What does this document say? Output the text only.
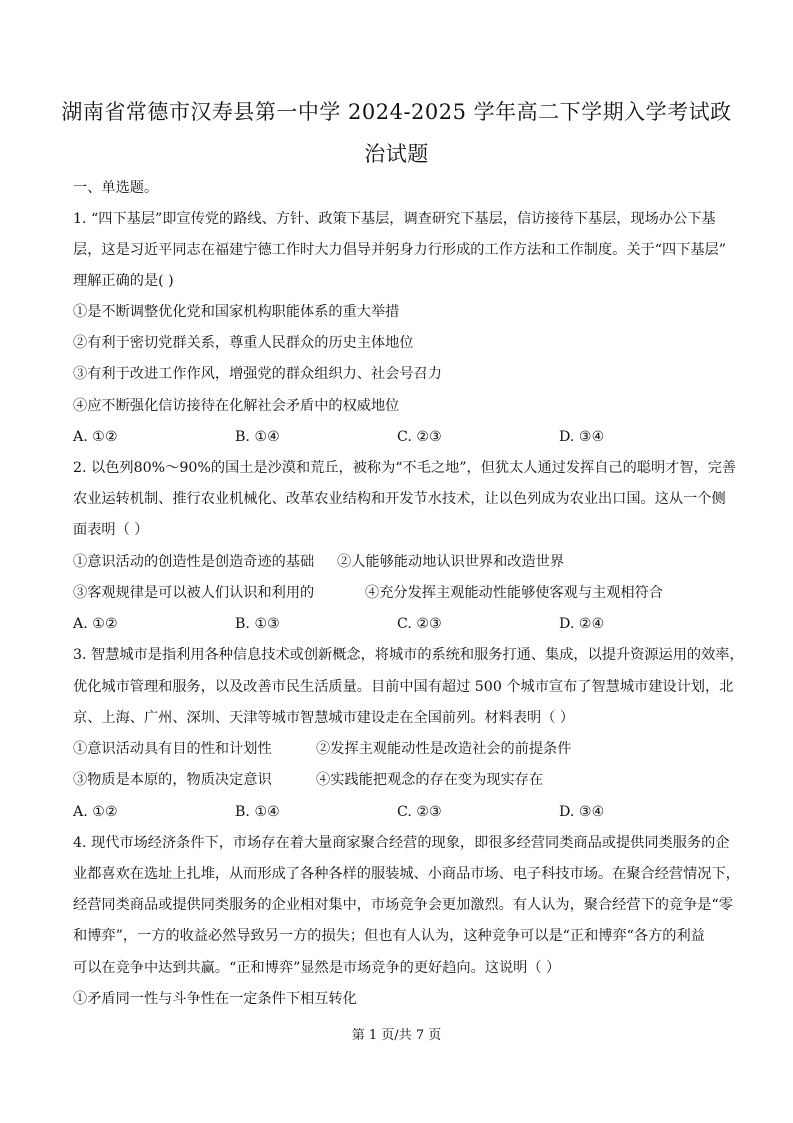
湖南省常德市汉寿县第一中学 2024-2025 学年高二下学期入学考试政
治试题
一、单选题。
1. “四下基层”即宣传党的路线、方针、政策下基层，调查研究下基层，信访接待下基层，现场办公下基
层，这是习近平同志在福建宁德工作时大力倡导并躬身力行形成的工作方法和工作制度。关于“四下基层”
理解正确的是( )
①是不断调整优化党和国家机构职能体系的重大举措
②有利于密切党群关系，尊重人民群众的历史主体地位
③有利于改进工作作风，增强党的群众组织力、社会号召力
④应不断强化信访接待在化解社会矛盾中的权威地位
A. ①②	B. ①④	C. ②③	D. ③④
2. 以色列80%～90%的国土是沙漠和荒丘，被称为“不毛之地”，但犹太人通过发挥自己的聪明才智，完善
农业运转机制、推行农业机械化、改革农业结构和开发节水技术，让以色列成为农业出口国。这从一个侧
面表明（ ）
①意识活动的创造性是创造奇迹的基础 ②人能够能动地认识世界和改造世界
③客观规律是可以被人们认识和利用的	④充分发挥主观能动性能够使客观与主观相符合
A. ①②	B. ①③	C. ②③	D. ②④
3. 智慧城市是指利用各种信息技术或创新概念，将城市的系统和服务打通、集成，以提升资源运用的效率，
优化城市管理和服务，以及改善市民生活质量。目前中国有超过 500 个城市宣布了智慧城市建设计划，北
京、上海、广州、深圳、天津等城市智慧城市建设走在全国前列。材料表明（ ）
①意识活动具有目的性和计划性	②发挥主观能动性是改造社会的前提条件
③物质是本原的，物质决定意识	④实践能把观念的存在变为现实存在
A. ①②	B. ①④	C. ②③	D. ③④
4. 现代市场经济条件下，市场存在着大量商家聚合经营的现象，即很多经营同类商品或提供同类服务的企
业都喜欢在选址上扎堆，从而形成了各种各样的服装城、小商品市场、电子科技市场。在聚合经营情况下，
经营同类商品或提供同类服务的企业相对集中，市场竞争会更加激烈。有人认为，聚合经营下的竞争是“零
和博弈”，一方的收益必然导致另一方的损失；但也有人认为，这种竞争可以是“正和博弈“各方的利益
可以在竞争中达到共赢。“正和博弈”显然是市场竞争的更好趋向。这说明（ ）
①矛盾同一性与斗争性在一定条件下相互转化
第 1 页/共 7 页
